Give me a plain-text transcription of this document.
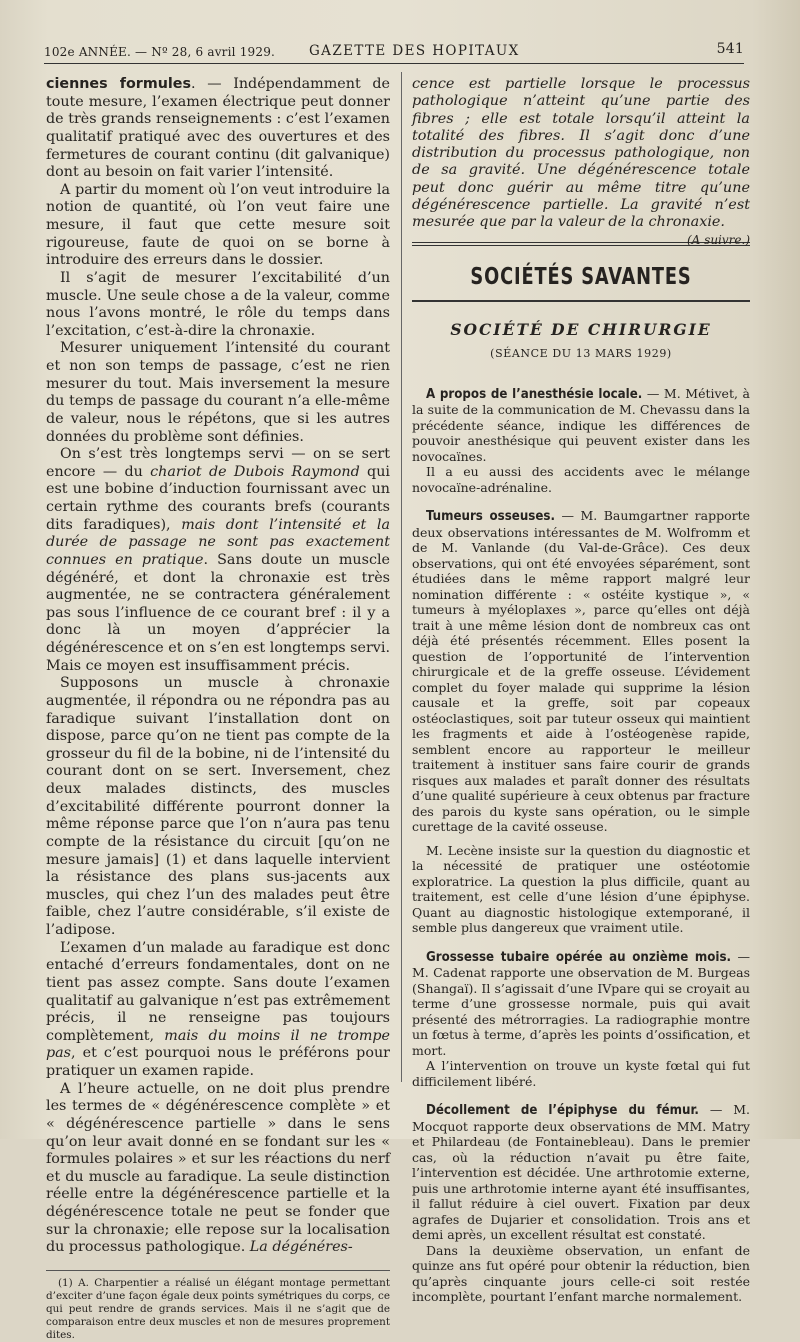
102e ANNÉE. — Nº 28, 6 avril 1929.	GAZETTE DES HOPITAUX	541

ciennes formules. — Indépendamment de toute mesure, l’examen électrique peut donner de très grands renseignements : c’est l’examen qualitatif pratiqué avec des ouvertures et des fermetures de courant continu (dit galvanique) dont au besoin on fait varier l’intensité.

A partir du moment où l’on veut introduire la notion de quantité, où l’on veut faire une mesure, il faut que cette mesure soit rigoureuse, faute de quoi on se borne à introduire des erreurs dans le dossier.

Il s’agit de mesurer l’excitabilité d’un muscle. Une seule chose a de la valeur, comme nous l’avons montré, le rôle du temps dans l’excitation, c’est-à-dire la chronaxie.

Mesurer uniquement l’intensité du courant et non son temps de passage, c’est ne rien mesurer du tout. Mais inversement la mesure du temps de passage du courant n’a elle-même de valeur, nous le répétons, que si les autres données du problème sont définies.

On s’est très longtemps servi — on se sert encore — du chariot de Dubois Raymond qui est une bobine d’induction fournissant avec un certain rythme des courants brefs (courants dits faradiques), mais dont l’intensité et la durée de passage ne sont pas exactement connues en pratique. Sans doute un muscle dégénéré, et dont la chronaxie est très augmentée, ne se contractera généralement pas sous l’influence de ce courant bref : il y a donc là un moyen d’apprécier la dégénérescence et on s’en est longtemps servi. Mais ce moyen est insuffisamment précis.

Supposons un muscle à chronaxie augmentée, il répondra ou ne répondra pas au faradique suivant l’installation dont on dispose, parce qu’on ne tient pas compte de la grosseur du fil de la bobine, ni de l’intensité du courant dont on se sert. Inversement, chez deux malades distincts, des muscles d’excitabilité différente pourront donner la même réponse parce que l’on n’aura pas tenu compte de la résistance du circuit [qu’on ne mesure jamais] (1) et dans laquelle intervient la résistance des plans sus-jacents aux muscles, qui chez l’un des malades peut être faible, chez l’autre considérable, s’il existe de l’adipose.

L’examen d’un malade au faradique est donc entaché d’erreurs fondamentales, dont on ne tient pas assez compte. Sans doute l’examen qualitatif au galvanique n’est pas extrêmement précis, il ne renseigne pas toujours complètement, mais du moins il ne trompe pas, et c’est pourquoi nous le préférons pour pratiquer un examen rapide.

A l’heure actuelle, on ne doit plus prendre les termes de « dégénérescence complète » et « dégénérescence partielle » dans le sens qu’on leur avait donné en se fondant sur les « formules polaires » et sur les réactions du nerf et du muscle au faradique. La seule distinction réelle entre la dégénérescence partielle et la dégénérescence totale ne peut se fonder que sur la chronaxie; elle repose sur la localisation du processus pathologique. La dégénéres-

(1) A. Charpentier a réalisé un élégant montage permettant d’exciter d’une façon égale deux points symétriques du corps, ce qui peut rendre de grands services. Mais il ne s’agit que de comparaison entre deux muscles et non de mesures proprement dites.

cence est partielle lorsque le processus pathologique n’atteint qu’une partie des fibres ; elle est totale lorsqu’il atteint la totalité des fibres. Il s’agit donc d’une distribution du processus pathologique, non de sa gravité. Une dégénérescence totale peut donc guérir au même titre qu’une dégénérescence partielle. La gravité n’est mesurée que par la valeur de la chronaxie.
(A suivre.)

SOCIÉTÉS SAVANTES
SOCIÉTÉ DE CHIRURGIE
(SÉANCE DU 13 MARS 1929)

A propos de l’anesthésie locale. — M. Métivet, à la suite de la communication de M. Chevassu dans la précédente séance, indique les différences de pouvoir anesthésique qui peuvent exister dans les novocaïnes.

Il a eu aussi des accidents avec le mélange novocaïne-adrénaline.

Tumeurs osseuses. — M. Baumgartner rapporte deux observations intéressantes de M. Wolfromm et de M. Vanlande (du Val-de-Grâce). Ces deux observations, qui ont été envoyées séparément, sont étudiées dans le même rapport malgré leur nomination différente : « ostéite kystique », « tumeurs à myéloplaxes », parce qu’elles ont déjà trait à une même lésion dont de nombreux cas ont déjà été présentés récemment. Elles posent la question de l’opportunité de l’intervention chirurgicale et de la greffe osseuse. L’évidement complet du foyer malade qui supprime la lésion causale et la greffe, soit par copeaux ostéoclastiques, soit par tuteur osseux qui maintient les fragments et aide à l’ostéogenèse rapide, semblent encore au rapporteur le meilleur traitement à instituer sans faire courir de grands risques aux malades et paraît donner des résultats d’une qualité supérieure à ceux obtenus par fracture des parois du kyste sans opération, ou le simple curettage de la cavité osseuse.

M. Lecène insiste sur la question du diagnostic et la nécessité de pratiquer une ostéotomie exploratrice. La question la plus difficile, quant au traitement, est celle d’une lésion d’une épiphyse. Quant au diagnostic histologique extemporané, il semble plus dangereux que vraiment utile.

Grossesse tubaire opérée au onzième mois. — M. Cadenat rapporte une observation de M. Burgeas (Shangaï). Il s’agissait d’une IVpare qui se croyait au terme d’une grossesse normale, puis qui avait présenté des métrorragies. La radiographie montre un fœtus à terme, d’après les points d’ossification, et mort.

A l’intervention on trouve un kyste fœtal qui fut difficilement libéré.

Décollement de l’épiphyse du fémur. — M. Mocquot rapporte deux observations de MM. Matry et Philardeau (de Fontainebleau). Dans le premier cas, où la réduction n’avait pu être faite, l’intervention est décidée. Une arthrotomie externe, puis une arthrotomie interne ayant été insuffisantes, il fallut réduire à ciel ouvert. Fixation par deux agrafes de Dujarier et consolidation. Trois ans et demi après, un excellent résultat est constaté.

Dans la deuxième observation, un enfant de quinze ans fut opéré pour obtenir la réduction, bien qu’après cinquante jours celle-ci soit restée incomplète, pourtant l’enfant marche normalement.
